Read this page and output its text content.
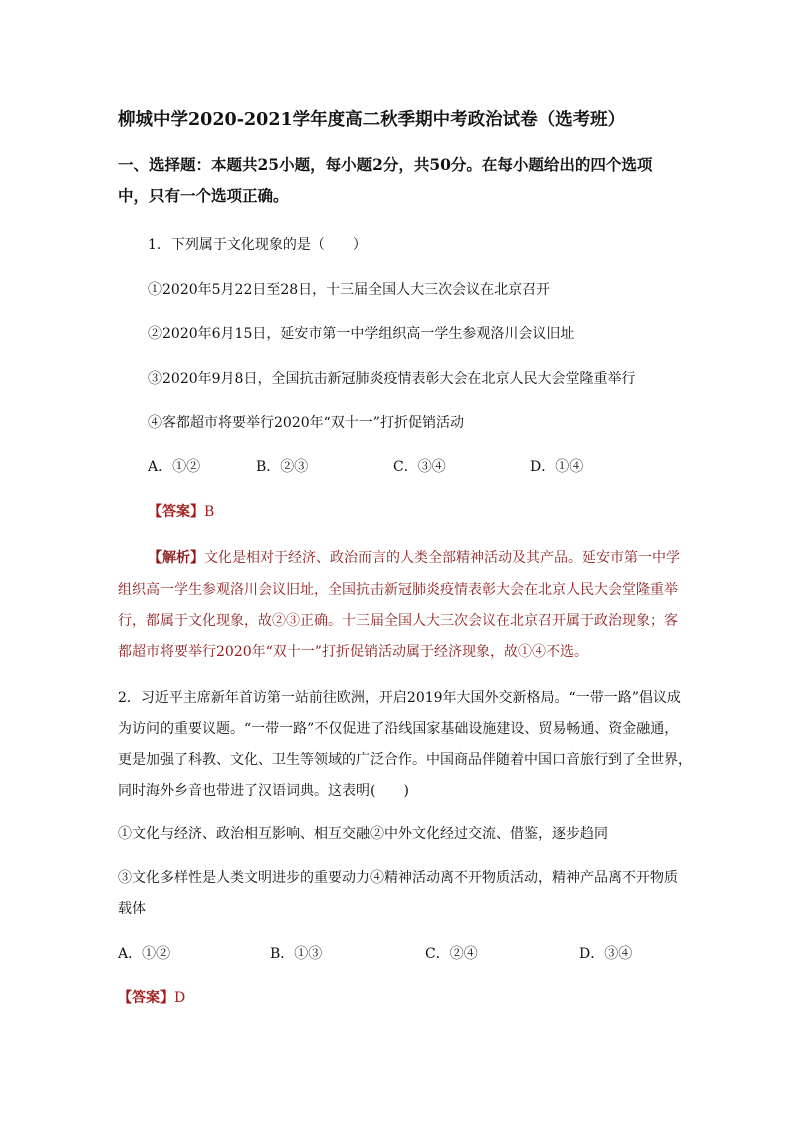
柳城中学2020-2021学年度高二秋季期中考政治试卷（选考班）
一、选择题：本题共25小题，每小题2分，共50分。在每小题给出的四个选项
中，只有一个选项正确。
1．下列属于文化现象的是（　　）
①2020年5月22日至28日，十三届全国人大三次会议在北京召开
②2020年6月15日，延安市第一中学组织高一学生参观洛川会议旧址
③2020年9月8日，全国抗击新冠肺炎疫情表彰大会在北京人民大会堂隆重举行
④客都超市将要举行2020年“双十一”打折促销活动
A．①②	B．②③	C．③④	D．①④
【答案】B
【解析】文化是相对于经济、政治而言的人类全部精神活动及其产品。延安市第一中学
组织高一学生参观洛川会议旧址，全国抗击新冠肺炎疫情表彰大会在北京人民大会堂隆重举
行，都属于文化现象，故②③正确。十三届全国人大三次会议在北京召开属于政治现象；客
都超市将要举行2020年“双十一”打折促销活动属于经济现象，故①④不选。
2．习近平主席新年首访第一站前往欧洲，开启2019年大国外交新格局。“一带一路”倡议成
为访问的重要议题。“一带一路”不仅促进了沿线国家基础设施建设、贸易畅通、资金融通，
更是加强了科教、文化、卫生等领域的广泛合作。中国商品伴随着中国口音旅行到了全世界，
同时海外乡音也带进了汉语词典。这表明(　　)
①文化与经济、政治相互影响、相互交融②中外文化经过交流、借鉴，逐步趋同
③文化多样性是人类文明进步的重要动力④精神活动离不开物质活动，精神产品离不开物质
载体
A．①②	B．①③	C．②④	D．③④
【答案】D
